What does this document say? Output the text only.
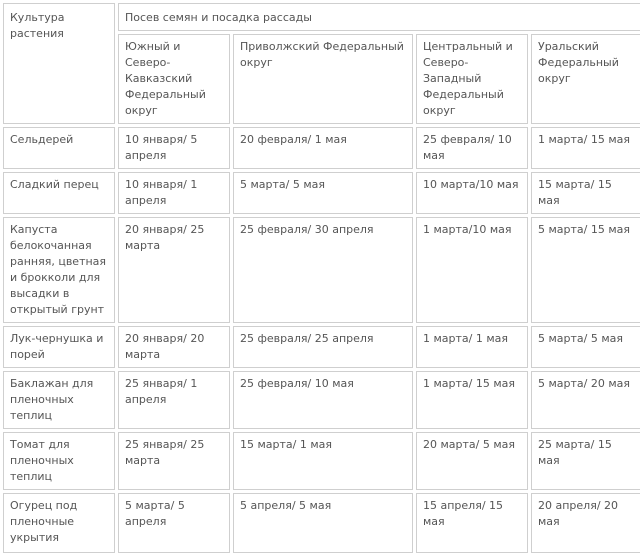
Культура растения	Посев семян и посадка рассады			
	Южный и Северо-Кавказский Федеральный округ	Приволжский Федеральный округ	Центральный и Северо-Западный Федеральный округ	Уральский Федеральный округ
Сельдерей	10 января/ 5 апреля	20 февраля/ 1 мая	25 февраля/ 10 мая	1 марта/ 15 мая
Сладкий перец	10 января/ 1 апреля	5 марта/ 5 мая	10 марта/10 мая	15 марта/ 15 мая
Капуста белокочанная ранняя, цветная и брокколи для высадки в открытый грунт	20 января/ 25 марта	25 февраля/ 30 апреля	1 марта/10 мая	5 марта/ 15 мая
Лук-чернушка и порей	20 января/ 20 марта	25 февраля/ 25 апреля	1 марта/ 1 мая	5 марта/ 5 мая
Баклажан для пленочных теплиц	25 января/ 1 апреля	25 февраля/ 10 мая	1 марта/ 15 мая	5 марта/ 20 мая
Томат для пленочных теплиц	25 января/ 25 марта	15 марта/ 1 мая	20 марта/ 5 мая	25 марта/ 15 мая
Огурец под пленочные укрытия	5 марта/ 5 апреля	5 апреля/ 5 мая	15 апреля/ 15 мая	20 апреля/ 20 мая
